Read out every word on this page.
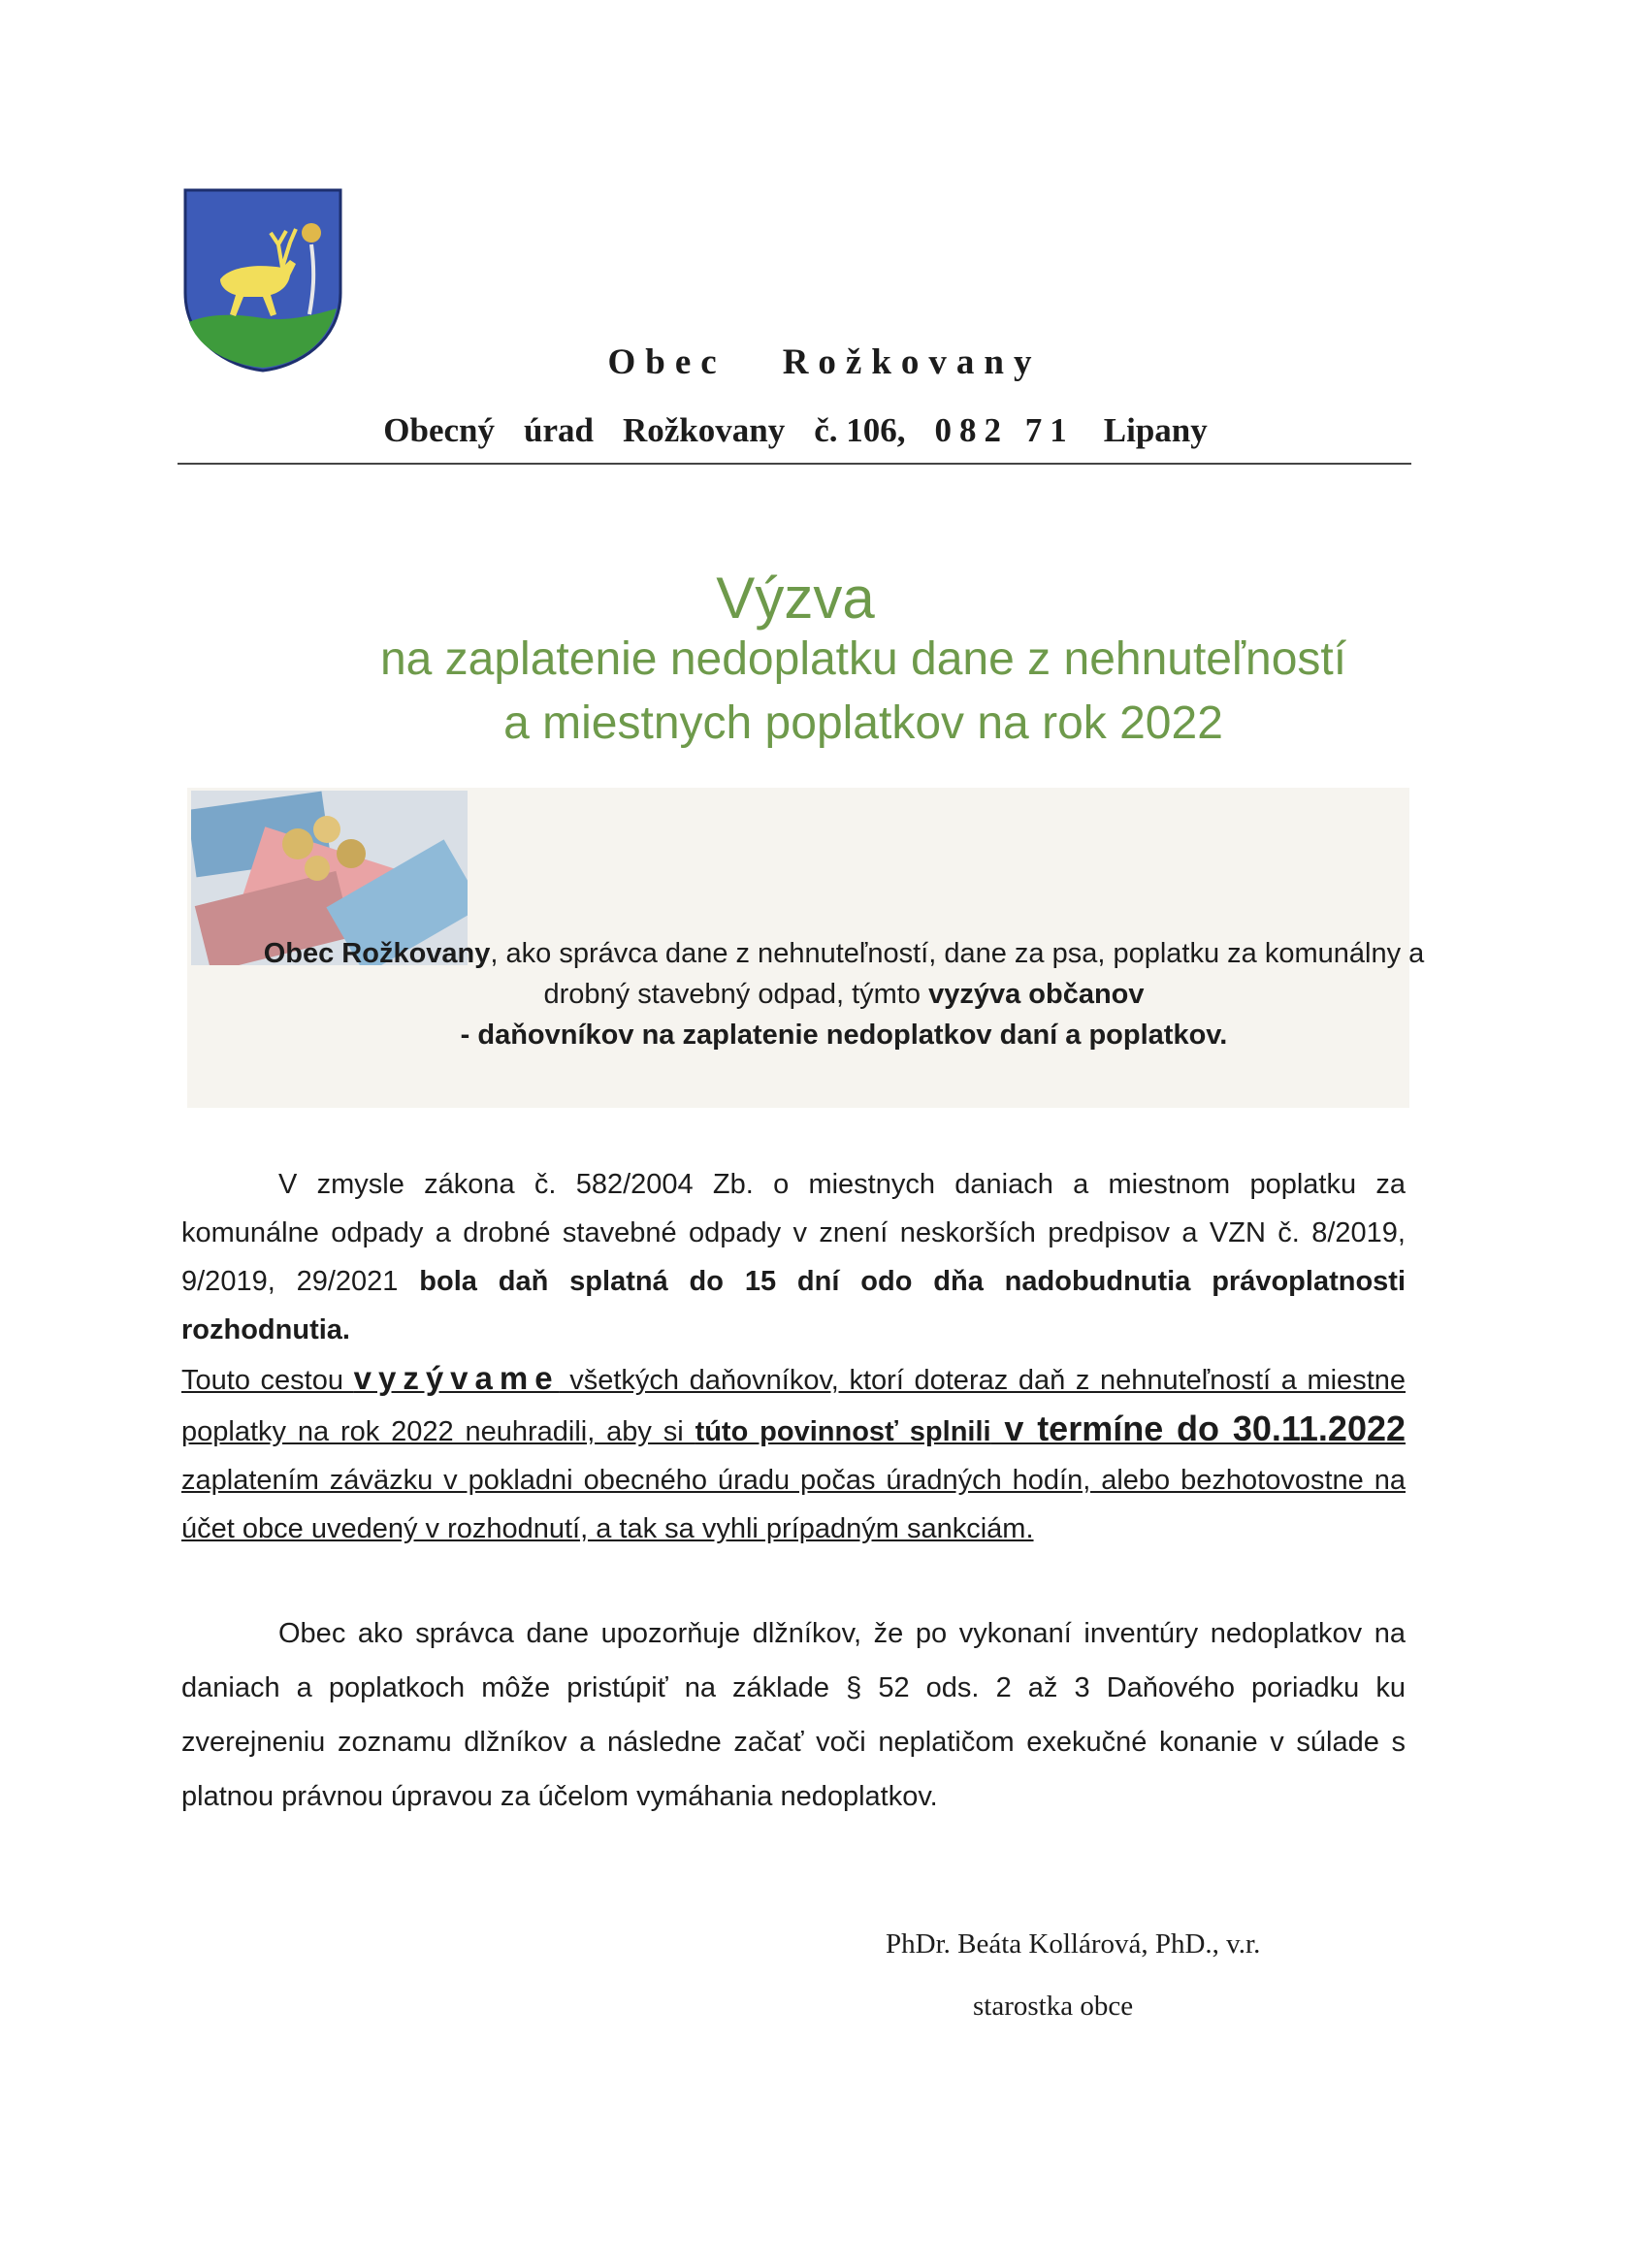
Obec Rožkovany
Obecný úrad Rožkovany č. 106, 082 71 Lipany
Výzva
na zaplatenie nedoplatku dane z nehnuteľností
a miestnych poplatkov na rok 2022
Obec Rožkovany, ako správca dane z nehnuteľností, dane za psa, poplatku za komunálny a drobný stavebný odpad, týmto vyzýva občanov
- daňovníkov na zaplatenie nedoplatkov daní a poplatkov.
V zmysle zákona č. 582/2004 Zb. o miestnych daniach a miestnom poplatku za komunálne odpady a drobné stavebné odpady v znení neskorších predpisov a VZN č. 8/2019, 9/2019, 29/2021 bola daň splatná do 15 dní odo dňa nadobudnutia právoplatnosti rozhodnutia.
Touto cestou vyzývame všetkých daňovníkov, ktorí doteraz daň z nehnuteľností a miestne poplatky na rok 2022 neuhradili, aby si túto povinnosť splnili v termíne do 30.11.2022 zaplatením záväzku v pokladni obecného úradu počas úradných hodín, alebo bezhotovostne na účet obce uvedený v rozhodnutí, a tak sa vyhli prípadným sankciám.
Obec ako správca dane upozorňuje dlžníkov, že po vykonaní inventúry nedoplatkov na daniach a poplatkoch môže pristúpiť na základe § 52 ods. 2 až 3 Daňového poriadku ku zverejneniu zoznamu dlžníkov a následne začať voči neplatičom exekučné konanie v súlade s platnou právnou úpravou za účelom vymáhania nedoplatkov.
PhDr. Beáta Kollárová, PhD., v.r.
starostka obce
